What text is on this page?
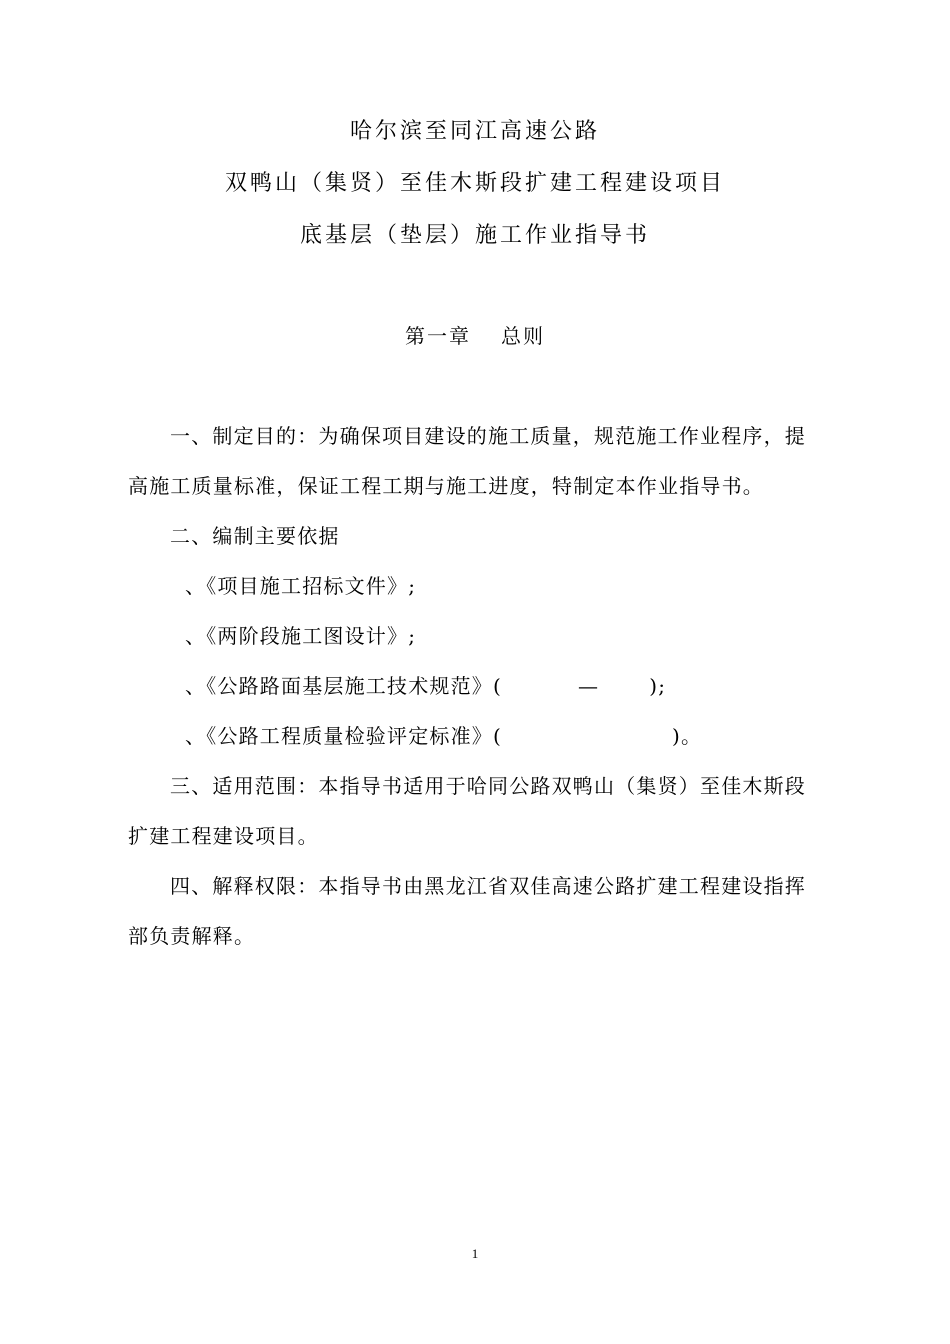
哈尔滨至同江高速公路
双鸭山（集贤）至佳木斯段扩建工程建设项目
底基层（垫层）施工作业指导书
第一章 总则
一、制定目的：为确保项目建设的施工质量，规范施工作业程序，提
高施工质量标准，保证工程工期与施工进度，特制定本作业指导书。
二、编制主要依据
、《项目施工招标文件》;
、《两阶段施工图设计》;
、《公路路面基层施工技术规范》(	—	);
、《公路工程质量检验评定标准》(	)。
三、适用范围：本指导书适用于哈同公路双鸭山（集贤）至佳木斯段
扩建工程建设项目。
四、解释权限：本指导书由黑龙江省双佳高速公路扩建工程建设指挥
部负责解释。
1
